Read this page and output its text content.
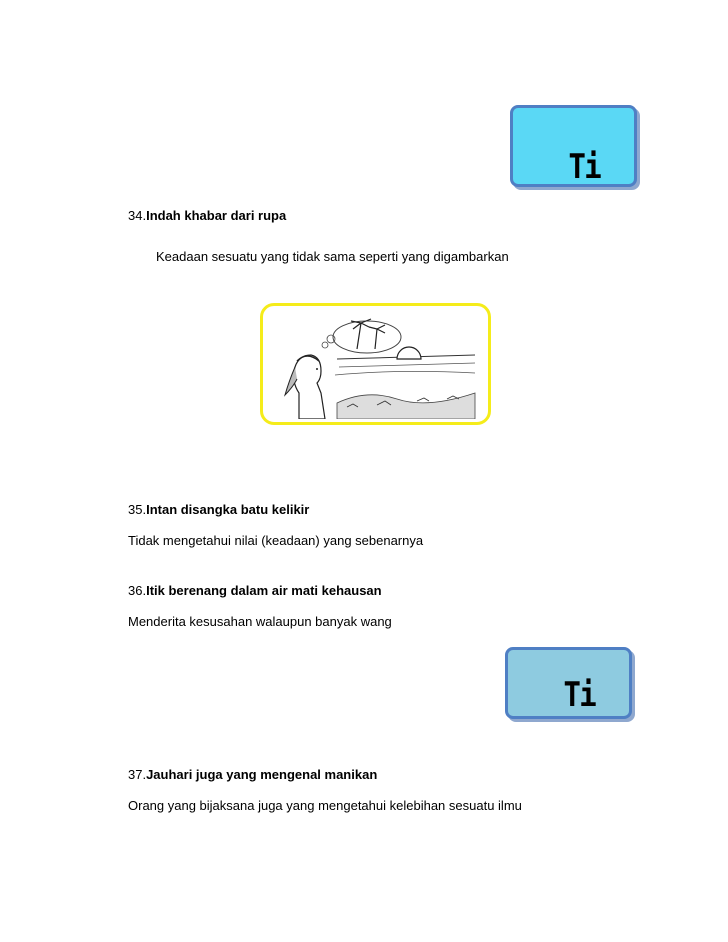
Ti
34.Indah khabar dari rupa
Keadaan sesuatu yang tidak sama seperti yang digambarkan
35.Intan disangka batu kelikir
Tidak mengetahui nilai (keadaan) yang sebenarnya
36.Itik berenang dalam air mati kehausan
Menderita kesusahan walaupun banyak wang
Ti
37.Jauhari juga yang mengenal manikan
Orang yang bijaksana juga yang mengetahui kelebihan sesuatu ilmu
